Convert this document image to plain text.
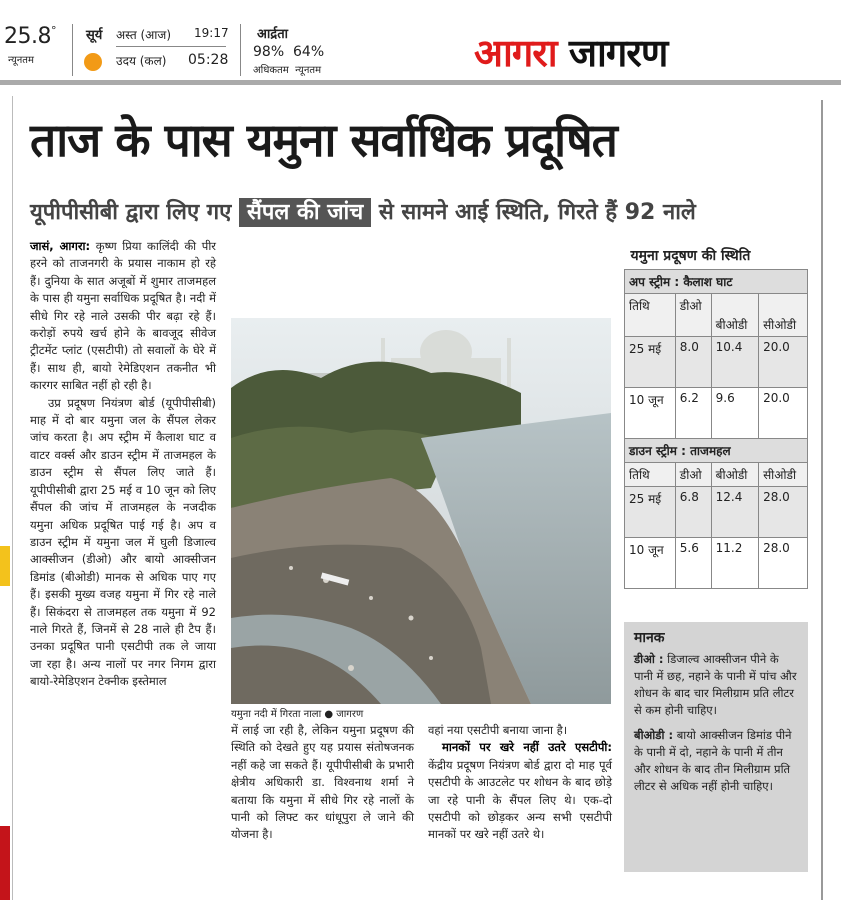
25.8°
न्यूनतम
सूर्य अस्त (आज) 19:17
उदय (कल) 05:28
आर्द्रता
98%  64%
अधिकतम  न्यूनतम	आगरा जागरण
ताज के पास यमुना सर्वाधिक प्रदूषित
यूपीपीसीबी द्वारा लिए गए सैंपल की जांच से सामने आई स्थिति, गिरते हैं 92 नाले
जासं, आगरा: कृष्ण प्रिया कालिंदी की पीर हरने को ताजनगरी के प्रयास नाकाम हो रहे हैं। दुनिया के सात अजूबों में शुमार ताजमहल के पास ही यमुना सर्वाधिक प्रदूषित है। नदी में सीधे गिर रहे नाले उसकी पीर बढ़ा रहे हैं। करोड़ों रुपये खर्च होने के बावजूद सीवेज ट्रीटमेंट प्लांट (एसटीपी) तो सवालों के घेरे में हैं। साथ ही, बायो रेमेडिएशन तकनीत भी कारगर साबित नहीं हो रही है।
उप्र प्रदूषण नियंत्रण बोर्ड (यूपीपीसीबी) माह में दो बार यमुना जल के सैंपल लेकर जांच करता है। अप स्ट्रीम में कैलाश घाट व वाटर वर्क्स और डाउन स्ट्रीम में ताजमहल के डाउन स्ट्रीम से सैंपल लिए जाते हैं। यूपीपीसीबी द्वारा 25 मई व 10 जून को लिए सैंपल की जांच में ताजमहल के नजदीक यमुना अधिक प्रदूषित पाई गई है। अप व डाउन स्ट्रीम में यमुना जल में घुली डिजाल्व आक्सीजन (डीओ) और बायो आक्सीजन डिमांड (बीओडी) मानक से अधिक पाए गए हैं। इसकी मुख्य वजह यमुना में गिर रहे नाले हैं। सिकंदरा से ताजमहल तक यमुना में 92 नाले गिरते हैं, जिनमें से 28 नाले ही टैप हैं। उनका प्रदूषित पानी एसटीपी तक ले जाया जा रहा है। अन्य नालों पर नगर निगम द्वारा बायो-रेमेडिएशन टेक्नीक इस्तेमाल
यमुना नदी में गिरता नाला ● जागरण
में लाई जा रही है, लेकिन यमुना प्रदूषण की स्थिति को देखते हुए यह प्रयास संतोषजनक नहीं कहे जा सकते हैं। यूपीपीसीबी के प्रभारी क्षेत्रीय अधिकारी डा. विश्वनाथ शर्मा ने बताया कि यमुना में सीधे गिर रहे नालों के पानी को लिफ्ट कर धांधूपुरा ले जाने की योजना है।
वहां नया एसटीपी बनाया जाना है।
मानकों पर खरे नहीं उतरे एसटीपी: केंद्रीय प्रदूषण नियंत्रण बोर्ड द्वारा दो माह पूर्व एसटीपी के आउटलेट पर शोधन के बाद छोड़े जा रहे पानी के सैंपल लिए थे। एक-दो एसटीपी को छोड़कर अन्य सभी एसटीपी मानकों पर खरे नहीं उतरे थे।
यमुना प्रदूषण की स्थिति			
अप स्ट्रीम : कैलाश घाट			
तिथि	डीओ	बीओडी	सीओडी
25 मई	8.0	10.4	20.0
10 जून	6.2	9.6	20.0
डाउन स्ट्रीम : ताजमहल			
तिथि	डीओ	बीओडी	सीओडी
25 मई	6.8	12.4	28.0
10 जून	5.6	11.2	28.0
मानक
डीओ : डिजाल्व आक्सीजन पीने के पानी में छह, नहाने के पानी में पांच और शोधन के बाद चार मिलीग्राम प्रति लीटर से कम होनी चाहिए।
बीओडी : बायो आक्सीजन डिमांड पीने के पानी में दो, नहाने के पानी में तीन और शोधन के बाद तीन मिलीग्राम प्रति लीटर से अधिक नहीं होनी चाहिए।
